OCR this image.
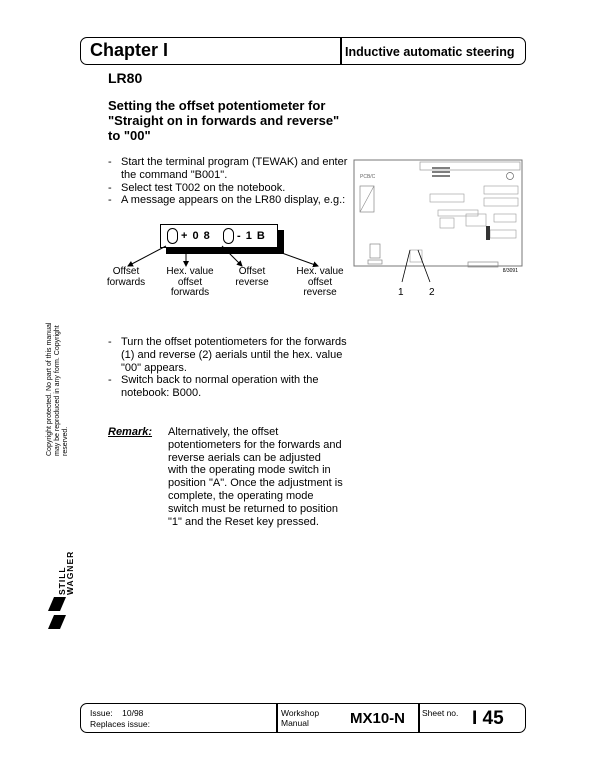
Chapter I	Inductive automatic steering
LR80
Setting the offset potentiometer for "Straight on in forwards and reverse" to "00"
- Start the terminal program (TEWAK) and enter the command "B001".
- Select test T002 on the notebook.
- A message appears on the LR80 display, e.g.:
+ 0 8 - 1 B
Offset forwards
Hex. value offset forwards
Offset reverse
Hex. value offset reverse
PCB/C
8/3091
1	2
- Turn the offset potentiometers for the forwards (1) and reverse (2) aerials until the hex. value "00" appears.
- Switch back to normal operation with the notebook: B000.
Remark: Alternatively, the offset potentiometers for the forwards and reverse aerials can be adjusted with the operating mode switch in position "A". Once the adjustment is complete, the operating mode switch must be returned to position "1" and the Reset key pressed.
Copyright protected. No part of this manual may be reproduced in any form. Copyright reserved.
STILL
WAGNER
Issue: 10/98
Replaces issue:
Workshop
Manual	MX10-N Sheet no. I 45
